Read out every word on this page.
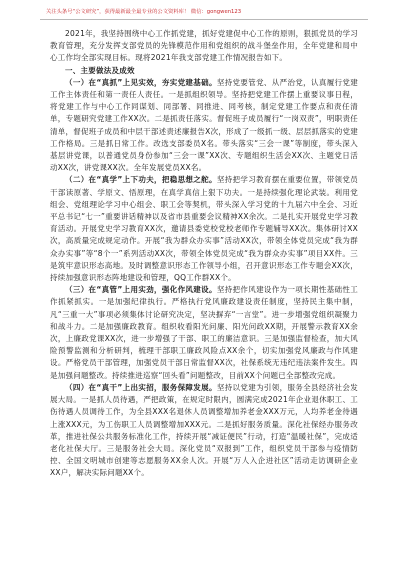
关注头条号“公文研究”，获得最新最全最专业的公文资料库！ 微信：gongwen123

2021年，我坚持围绕中心工作抓党建，抓好党建促中心工作的原则，狠抓党员的学习教育管理，充分发挥支部党员的先锋模范作用和党组织的战斗堡垒作用，全年党建和局中心工作均全部实现目标。现将2021年我支部党建工作情况报告如下。

一、主要做法及成效

（一）在“真抓”上见实效，夯实党建基础。坚持党要管党、从严治党，认真履行党建工作主体责任和第一责任人责任。一是抓组织领导。坚持把党建工作摆上重要议事日程，将党建工作与中心工作同谋划、同部署、同推进、同考核，制定党建工作要点和责任清单，专题研究党建工作XX次。二是抓责任落实。督促班子成员履行“一岗双责”，明职责任清单，督促班子成员和中层干部述责述廉报告X次，形成了一级抓一级、层层抓落实的党建工作格局。三是抓日常工作。改选支部委员X名。带头落实“三会一课”等制度，带头深入基层讲党课，以普通党员身份参加“三会一课”XX次、专题组织生活会XX次、主题党日活动XX次，讲党课XX次。全年发展党员XX名。

（二）在“真学”上下功夫，把稳思想之舵。坚持把学习教育摆在重要位置，带领党员干部读原著、学原文、悟原理，在真学真信上狠下功夫。一是持续强化理论武装。利用党组会、党组理论学习中心组会、职工会等契机，带头深入学习党的十九届六中全会、习近平总书记“七一”重要讲话精神以及省市县重要会议精神XX余次。二是扎实开展党史学习教育活动。开展党史学习教育XX次，邀请县委党校党校老师作专题辅导XX次。集体研讨XX次，高质量完成规定动作。开展“我为群众办实事”活动XX次，带领全体党员完成“我为群众办实事”等“8个一”系列活动XX次，带领全体党员完成“我为群众办实事”项目XX件。三是筑牢意识形态高地。及时调整意识形态工作领导小组，召开意识形态工作专题会XX次，持续加强意识形态阵地建设和管理，QQ工作群XX个。

（三）在“真管”上用实劲，强化作风建设。坚持把作风建设作为一项长期性基础性工作抓紧抓实。一是加强纪律执行。严格执行党风廉政建设责任制度，坚持民主集中制，凡“三重一大”事项必须集体讨论研究决定，坚决摒弃“一言堂”。进一步增强党组织凝聚力和战斗力。二是加强廉政教育。组织收看阳光问廉、阳光问政XX期，开展警示教育XX余次，上廉政党课XX次，进一步增强了干部、职工的廉洁意识。三是加强监督检查，加大风险预警监测和分析研判，梳理干部职工廉政风险点XX余个，切实加强党风廉政与作风建设。严格党员干部管理，加强党员干部日常监督XX次，社保系统无违纪违法案件发生。四是加强问题整改。持续推进巡察“回头看”问题整改，目前XX个问题已全部整改完成。

（四）在“真干”上出实招，服务保障发展。坚持以党建为引领，服务全县经济社会发展大局。一是抓人员待遇，严把政策，在规定时限内，圆满完成2021年企业退休职工、工伤待遇人员调待工作，为全县XXX名退休人员调整增加养老金XXX万元，人均养老金待遇上涨XXX元，为工伤职工人员调整增加XXX元。二是抓好服务质量。深化社保经办服务改革，推进社保公共服务标准化工作，持续开展“减证便民”行动，打造“温暖社保”，完成适老化社保大厅。三是服务社会大局。深化党员“双报到”工作，组织党员干部参与疫情防控、全国文明城市创建等志愿服务XX余人次。开展“万人入企进社区”活动走访调研企业XX户，解决实际问题XX个。
